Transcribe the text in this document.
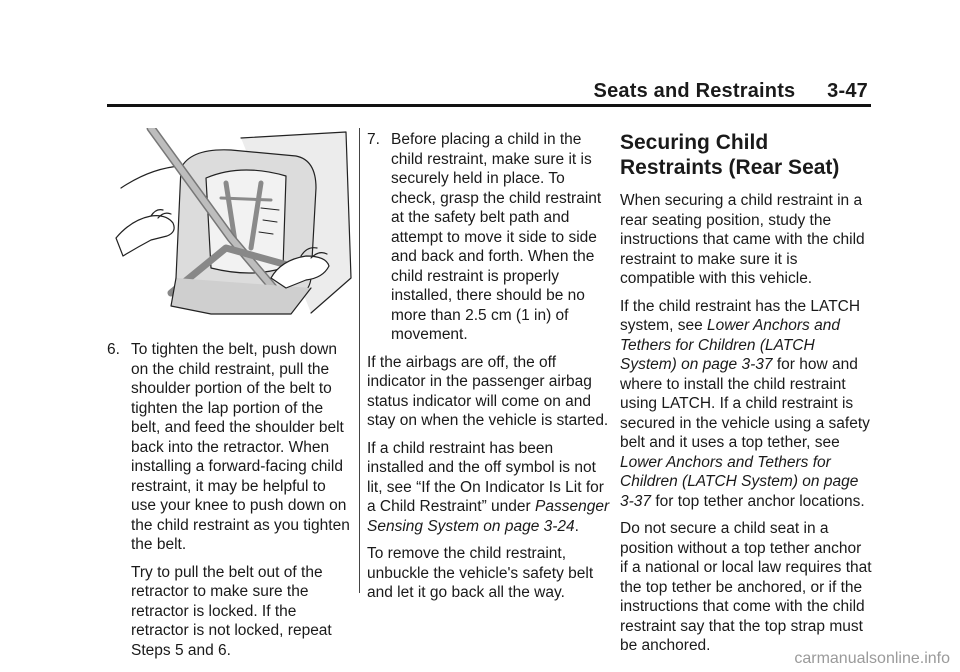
Seats and Restraints 3-47
6. To tighten the belt, push down on the child restraint, pull the shoulder portion of the belt to tighten the lap portion of the belt, and feed the shoulder belt back into the retractor. When installing a forward-facing child restraint, it may be helpful to use your knee to push down on the child restraint as you tighten the belt.

Try to pull the belt out of the retractor to make sure the retractor is locked. If the retractor is not locked, repeat Steps 5 and 6.

7. Before placing a child in the child restraint, make sure it is securely held in place. To check, grasp the child restraint at the safety belt path and attempt to move it side to side and back and forth. When the child restraint is properly installed, there should be no more than 2.5 cm (1 in) of movement.

If the airbags are off, the off indicator in the passenger airbag status indicator will come on and stay on when the vehicle is started.

If a child restraint has been installed and the off symbol is not lit, see “If the On Indicator Is Lit for a Child Restraint” under Passenger Sensing System on page 3-24.

To remove the child restraint, unbuckle the vehicle's safety belt and let it go back all the way.

Securing Child Restraints (Rear Seat)

When securing a child restraint in a rear seating position, study the instructions that came with the child restraint to make sure it is compatible with this vehicle.

If the child restraint has the LATCH system, see Lower Anchors and Tethers for Children (LATCH System) on page 3-37 for how and where to install the child restraint using LATCH. If a child restraint is secured in the vehicle using a safety belt and it uses a top tether, see Lower Anchors and Tethers for Children (LATCH System) on page 3-37 for top tether anchor locations.

Do not secure a child seat in a position without a top tether anchor if a national or local law requires that the top tether be anchored, or if the instructions that come with the child restraint say that the top strap must be anchored.

carmanualsonline.info
